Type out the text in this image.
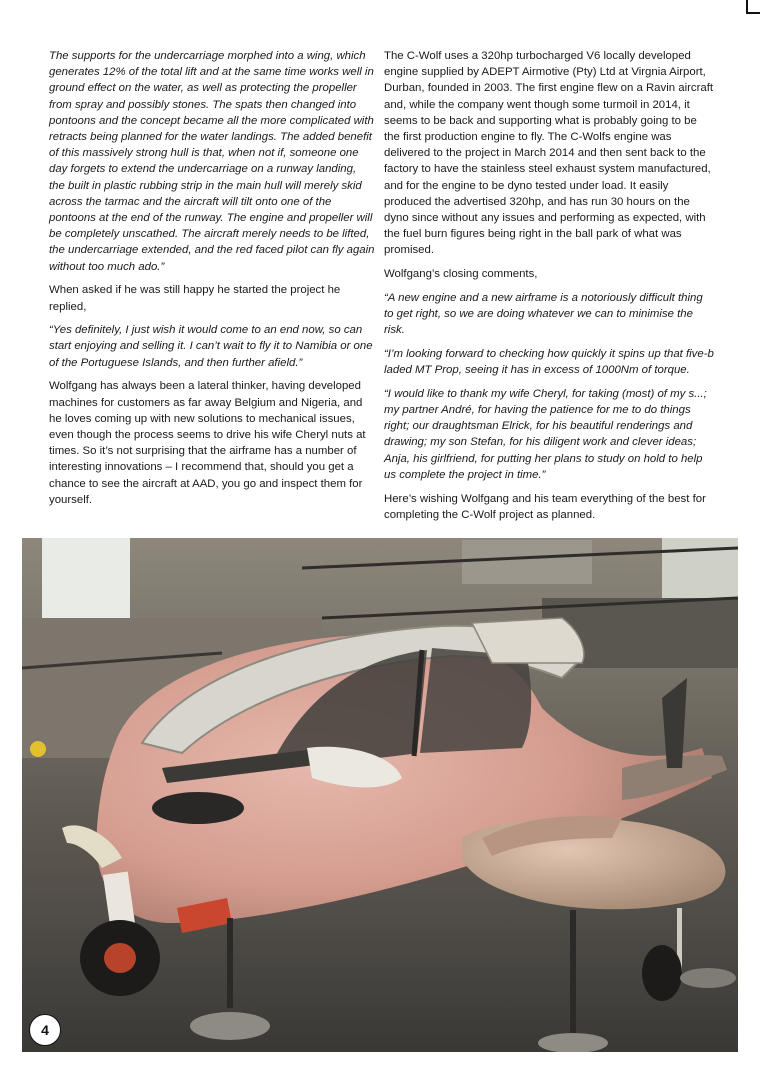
The supports for the undercarriage morphed into a wing, which generates 12% of the total lift and at the same time works well in ground effect on the water, as well as protecting the propeller from spray and possibly stones. The spats then changed into pontoons and the concept became all the more complicated with retracts being planned for the water landings. The added benefit of this massively strong hull is that, when not if, someone one day forgets to extend the undercarriage on a runway landing, the built in plastic rubbing strip in the main hull will merely skid across the tarmac and the aircraft will tilt onto one of the pontoons at the end of the runway. The engine and propeller will be completely unscathed. The aircraft merely needs to be lifted, the undercarriage extended, and the red faced pilot can fly again without too much ado.”

When asked if he was still happy he started the project he replied,

“Yes definitely, I just wish it would come to an end now, so can start enjoying and selling it. I can’t wait to fly it to Namibia or one of the Portuguese Islands, and then further afield.”

Wolfgang has always been a lateral thinker, having developed machines for customers as far away Belgium and Nigeria, and he loves coming up with new solutions to mechanical issues, even though the process seems to drive his wife Cheryl nuts at times. So it’s not surprising that the airframe has a number of interesting innovations – I recommend that, should you get a chance to see the aircraft at AAD, you go and inspect them for yourself.

The C-Wolf uses a 320hp turbocharged V6 locally developed engine supplied by ADEPT Airmotive (Pty) Ltd at Virgnia Airport, Durban, founded in 2003. The first engine flew on a Ravin aircraft and, while the company went though some turmoil in 2014, it seems to be back and supporting what is probably going to be the first production engine to fly. The C-Wolfs engine was delivered to the project in March 2014 and then sent back to the factory to have the stainless steel exhaust system manufactured, and for the engine to be dyno tested under load. It easily produced the advertised 320hp, and has run 30 hours on the dyno since without any issues and performing as expected, with the fuel burn figures being right in the ball park of what was promised.

Wolfgang’s closing comments,

“A new engine and a new airframe is a notoriously difficult thing to get right, so we are doing whatever we can to minimise the risk.

“I’m looking forward to checking how quickly it spins up that five-b laded MT Prop, seeing it has in excess of 1000Nm of torque.

“I would like to thank my wife Cheryl, for taking (most) of my s...; my partner André, for having the patience for me to do things right; our draughtsman Elrick, for his beautiful renderings and drawing; my son Stefan, for his diligent work and clever ideas; Anja, his girlfriend, for putting her plans to study on hold to help us complete the project in time.”

Here’s wishing Wolfgang and his team everything of the best for completing the C-Wolf project as planned.

4
